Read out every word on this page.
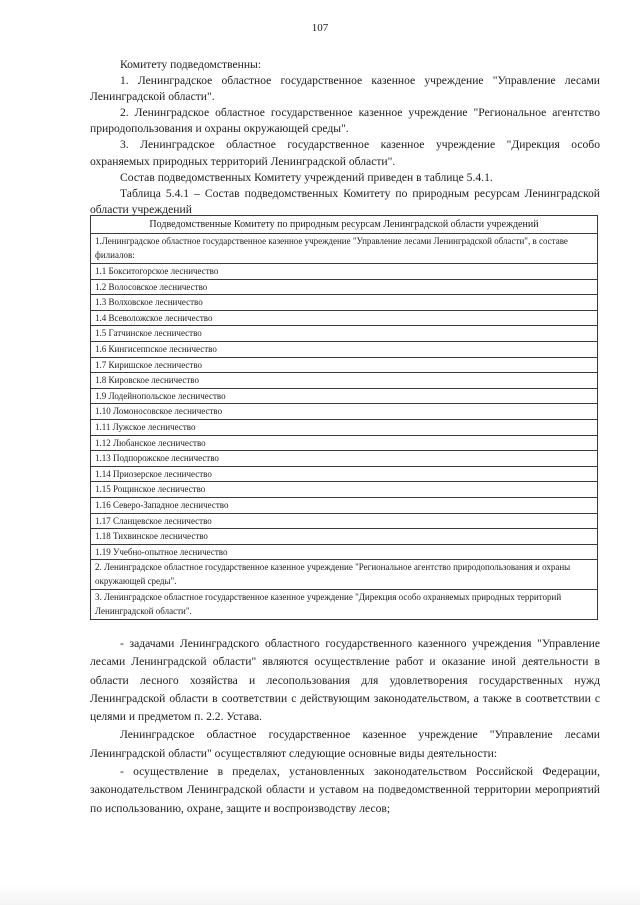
107

Комитету подведомственны:

1. Ленинградское областное государственное казенное учреждение "Управление лесами Ленинградской области".

2. Ленинградское областное государственное казенное учреждение "Региональное агентство природопользования и охраны окружающей среды".

3. Ленинградское областное государственное казенное учреждение "Дирекция особо охраняемых природных территорий Ленинградской области".

Состав подведомственных Комитету учреждений приведен в таблице 5.4.1.

Таблица 5.4.1 – Состав подведомственных Комитету по природным ресурсам Ленинградской области учреждений

Подведомственные Комитету по природным ресурсам Ленинградской области учреждений
1.Ленинградское областное государственное казенное учреждение "Управление лесами Ленинградской области", в составе филиалов:
1.1 Бокситогорское лесничество
1.2 Волосовское лесничество
1.3 Волховское лесничество
1.4 Всеволожское лесничество
1.5 Гатчинское лесничество
1.6 Кингисеппское лесничество
1.7 Киришское лесничество
1.8 Кировское лесничество
1.9 Лодейнопольское лесничество
1.10 Ломоносовское лесничество
1.11 Лужское лесничество
1.12 Любанское лесничество
1.13 Подпорожское лесничество
1.14 Приозерское лесничество
1.15 Рощинское лесничество
1.16 Северо-Западное лесничество
1.17 Сланцевское лесничество
1.18 Тихвинское лесничество
1.19 Учебно-опытное лесничество
2. Ленинградское областное государственное казенное учреждение "Региональное агентство природопользования и охраны окружающей среды".
3. Ленинградское областное государственное казенное учреждение "Дирекция особо охраняемых природных территорий Ленинградской области".

- задачами Ленинградского областного государственного казенного учреждения "Управление лесами Ленинградской области" являются осуществление работ и оказание иной деятельности в области лесного хозяйства и лесопользования для удовлетворения государственных нужд Ленинградской области в соответствии с действующим законодательством, а также в соответствии с целями и предметом п. 2.2. Устава.

Ленинградское областное государственное казенное учреждение "Управление лесами Ленинградской области" осуществляют следующие основные виды деятельности:

- осуществление в пределах, установленных законодательством Российской Федерации, законодательством Ленинградской области и уставом на подведомственной территории мероприятий по использованию, охране, защите и воспроизводству лесов;
